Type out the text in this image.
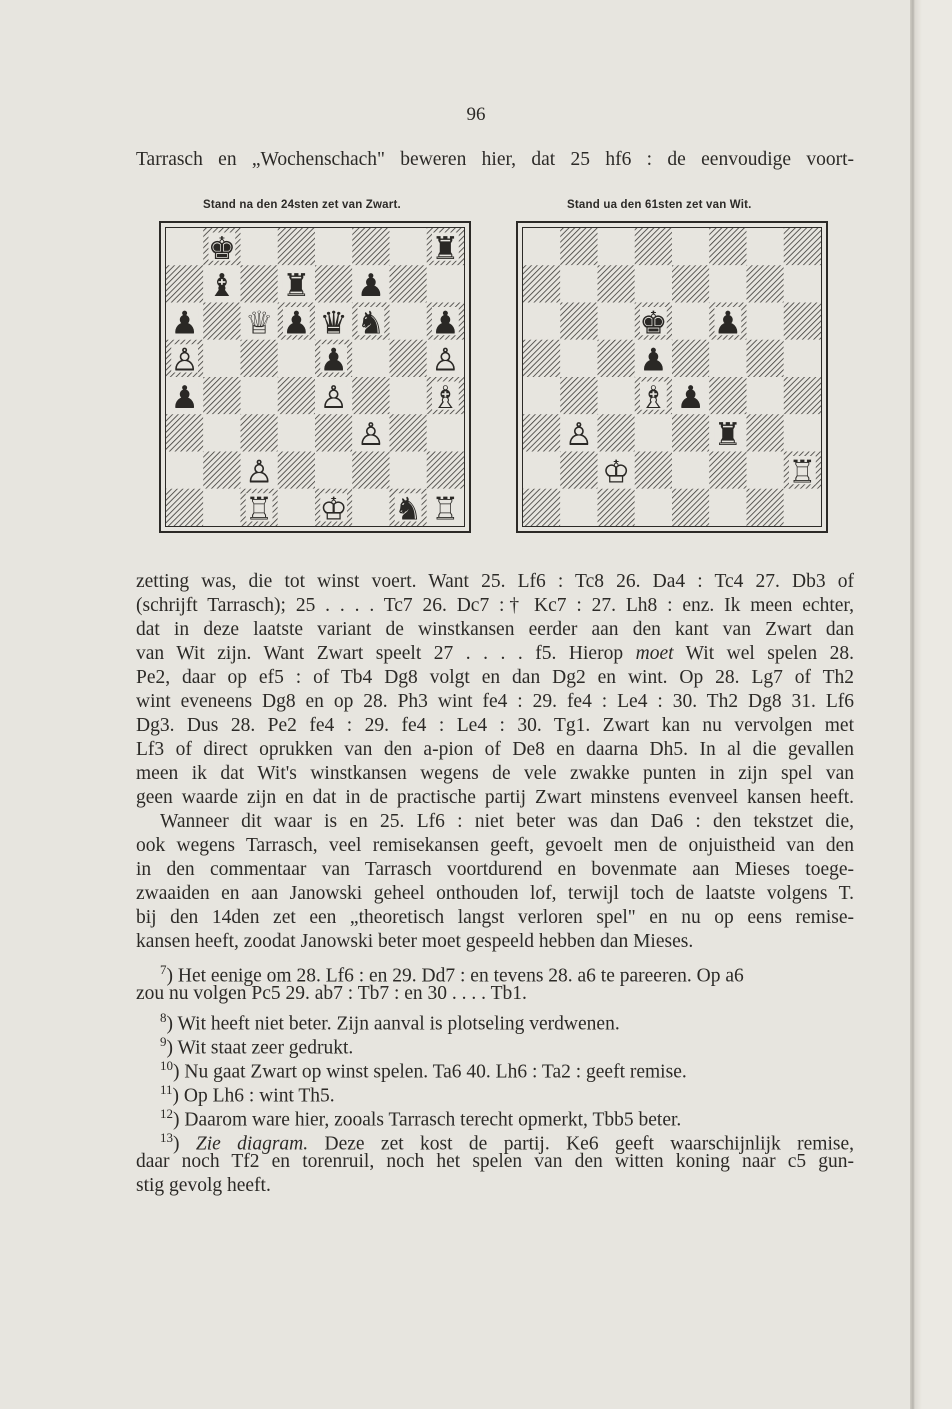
96
Tarrasch en „Wochenschach" beweren hier, dat 25 hf6 : de eenvoudige voort-
Stand na den 24sten zet van Zwart.	Stand ua den 61sten zet van Wit.
♚	♜
♝ ♜ ♟
♟ ♕ ♟ ♛ ♞ ♟
♙	♟	♙
♟	♙	♗
♙
♙
♖ ♔ ♞ ♖
♚ ♟
♟
♗ ♟
♙	♜
♔	♖
zetting was, die tot winst voert. Want 25. Lf6 : Tc8 26. Da4 : Tc4 27. Db3 of
(schrijft Tarrasch); 25 . . . . Tc7 26. Dc7 :† Kc7 : 27. Lh8 : enz. Ik meen echter,
dat in deze laatste variant de winstkansen eerder aan den kant van Zwart dan
van Wit zijn. Want Zwart speelt 27 . . . . f5. Hierop moet Wit wel spelen 28.
Pe2, daar op ef5 : of Tb4 Dg8 volgt en dan Dg2 en wint. Op 28. Lg7 of Th2
wint eveneens Dg8 en op 28. Ph3 wint fe4 : 29. fe4 : Le4 : 30. Th2 Dg8 31. Lf6
Dg3. Dus 28. Pe2 fe4 : 29. fe4 : Le4 : 30. Tg1. Zwart kan nu vervolgen met
Lf3 of direct oprukken van den a-pion of De8 en daarna Dh5. In al die gevallen
meen ik dat Wit's winstkansen wegens de vele zwakke punten in zijn spel van
geen waarde zijn en dat in de practische partij Zwart minstens evenveel kansen heeft.
Wanneer dit waar is en 25. Lf6 : niet beter was dan Da6 : den tekstzet die,
ook wegens Tarrasch, veel remisekansen geeft, gevoelt men de onjuistheid van den
in den commentaar van Tarrasch voortdurend en bovenmate aan Mieses toege-
zwaaiden en aan Janowski geheel onthouden lof, terwijl toch de laatste volgens T.
bij den 14den zet een „theoretisch langst verloren spel" en nu op eens remise-
kansen heeft, zoodat Janowski beter moet gespeeld hebben dan Mieses.
$^7$) Het eenige om 28. Lf6 : en 29. Dd7 : en tevens 28. a6 te pareeren. Op a6
zou nu volgen Pc5 29. ab7 : Tb7 : en 30 . . . . Tb1.
$^8$) Wit heeft niet beter. Zijn aanval is plotseling verdwenen.
$^9$) Wit staat zeer gedrukt.
$^{10}$) Nu gaat Zwart op winst spelen. Ta6 40. Lh6 : Ta2 : geeft remise.
$^{11}$) Op Lh6 : wint Th5.
$^{12}$) Daarom ware hier, zooals Tarrasch terecht opmerkt, Tbb5 beter.
$^{13}$) Zie diagram. Deze zet kost de partij. Ke6 geeft waarschijnlijk remise,
daar noch Tf2 en torenruil, noch het spelen van den witten koning naar c5 gun-
stig gevolg heeft.
